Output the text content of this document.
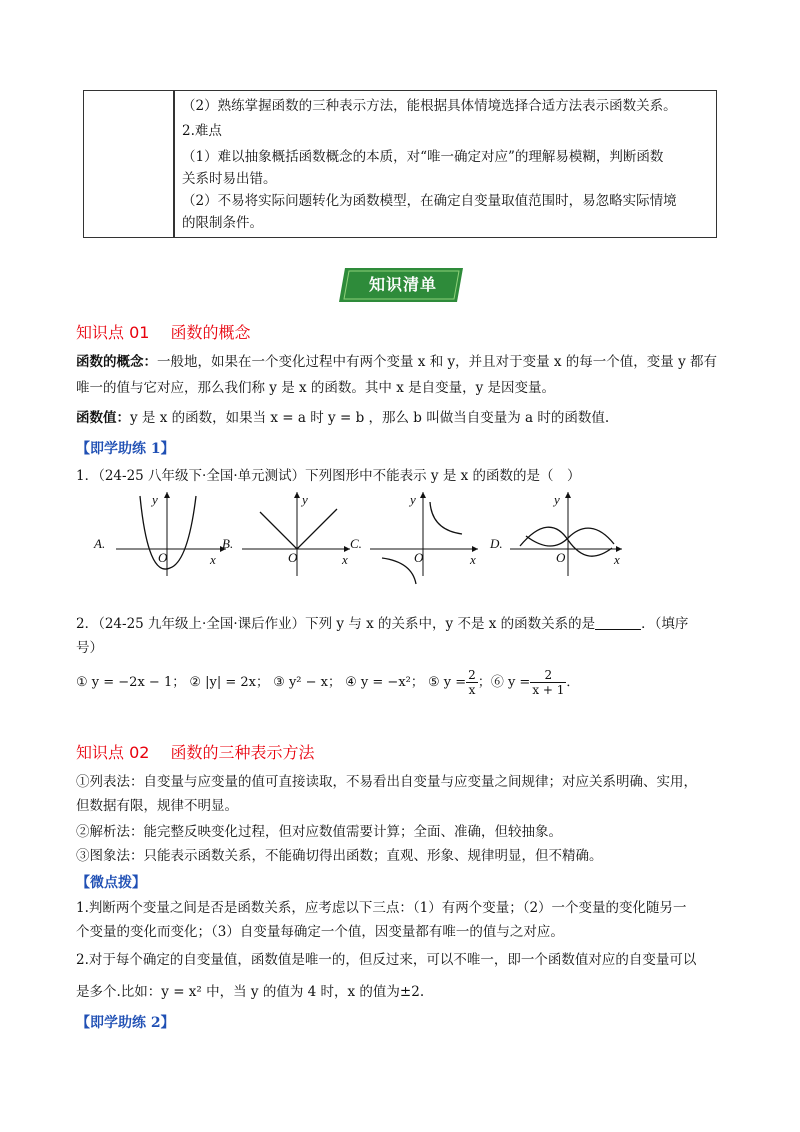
（2）熟练掌握函数的三种表示方法，能根据具体情境选择合适方法表示函数关系。
2.难点
（1）难以抽象概括函数概念的本质，对“唯一确定对应”的理解易模糊，判断函数
关系时易出错。
（2）不易将实际问题转化为函数模型，在确定自变量取值范围时，易忽略实际情境
的限制条件。
知识清单
知识点 01　 函数的概念
函数的概念：一般地，如果在一个变化过程中有两个变量 x 和 y，并且对于变量 x 的每一个值，变量 y 都有
唯一的值与它对应，那么我们称 y 是 x 的函数。其中 x 是自变量，y 是因变量。
函数值：y 是 x 的函数，如果当 x = a 时 y = b ，那么 b 叫做当自变量为 a 时的函数值.
【即学助练 1】
1．（24-25 八年级下·全国·单元测试）下列图形中不能表示 y 是 x 的函数的是（　）
A.
y
x
O
B.
y
x
O
C.
y
x
O
D.
y
x
O
2．（24-25 九年级上·全国·课后作业）下列 y 与 x 的关系中，y 不是 x 的函数关系的是	．（填序
号）
① y = −2x − 1； ② |y| = 2x； ③ y² − x； ④ y = −x²； ⑤ $y = \frac{2}{x}$ ；⑥ $y = \frac{2}{x + 1}$ ．
知识点 02　 函数的三种表示方法
①列表法：自变量与应变量的值可直接读取，不易看出自变量与应变量之间规律；对应关系明确、实用，
但数据有限，规律不明显。
②解析法：能完整反映变化过程，但对应数值需要计算；全面、准确，但较抽象。
③图象法：只能表示函数关系，不能确切得出函数；直观、形象、规律明显，但不精确。
【微点拨】
1.判断两个变量之间是否是函数关系，应考虑以下三点：（1）有两个变量；（2）一个变量的变化随另一
个变量的变化而变化；（3）自变量每确定一个值，因变量都有唯一的值与之对应。
2.对于每个确定的自变量值，函数值是唯一的，但反过来，可以不唯一，即一个函数值对应的自变量可以
是多个.比如：y = x² 中，当 y 的值为 4 时，x 的值为±2.
【即学助练 2】
